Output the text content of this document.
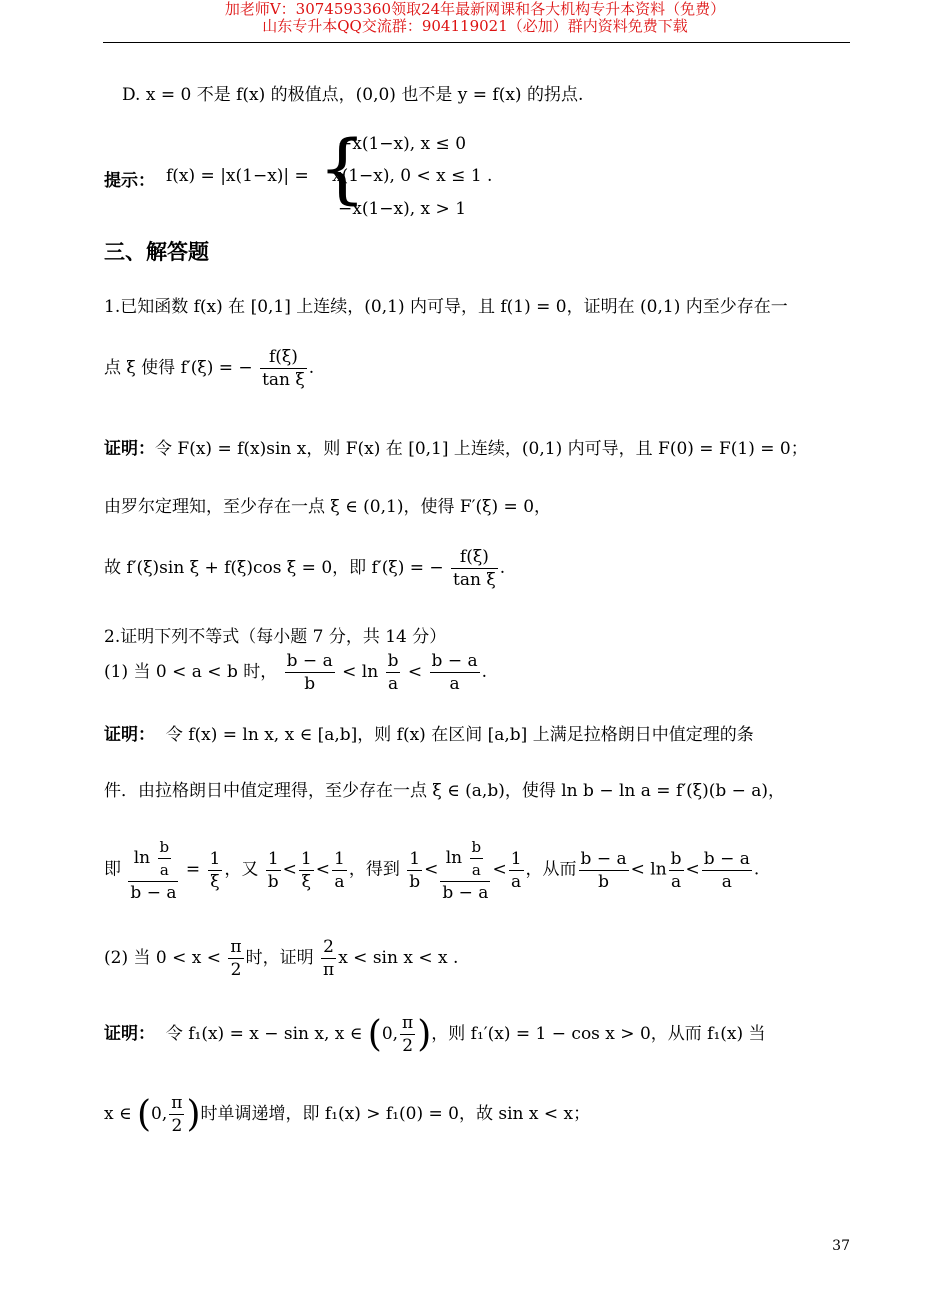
加老师V：3074593360领取24年最新网课和各大机构专升本资料（免费）
山东专升本QQ交流群：904119021（必加）群内资料免费下载
D. x = 0 不是 f(x) 的极值点，(0,0) 也不是 y = f(x) 的拐点.
提示： f(x) = |x(1−x)| = {
−x(1−x), x ≤ 0
x(1−x), 0 < x ≤ 1 .
−x(1−x), x > 1
三、解答题
1.已知函数 f(x) 在 [0,1] 上连续，(0,1) 内可导，且 f(1) = 0，证明在 (0,1) 内至少存在一
点 ξ 使得 f′(ξ) = − $\frac{f(\xi)}{\text{tan ξ}}$ .
证明：令 F(x) = f(x)sin x，则 F(x) 在 [0,1] 上连续，(0,1) 内可导，且 F(0) = F(1) = 0；
由罗尔定理知，至少存在一点 ξ ∈ (0,1)，使得 F′(ξ) = 0，
故 f′(ξ)sin ξ + f(ξ)cos ξ = 0，即 f′(ξ) = − $\frac{f(\xi)}{\text{tan ξ}}$ .
2.证明下列不等式（每小题 7 分，共 14 分）
(1) 当 0 < a < b 时， $\frac{b - a}{b} < \ln \frac{b}{a} < \frac{b - a}{a}$ .
证明： 令 f(x) = ln x, x ∈ [a,b]，则 f(x) 在区间 [a,b] 上满足拉格朗日中值定理的条
件．由拉格朗日中值定理得，至少存在一点 ξ ∈ (a,b)，使得 ln b − ln a = f′(ξ)(b − a)，
即 $\frac{\ln \frac{b}{a}}{b - a} = \frac{1}{\xi}$ ，又 $\frac{1}{b} < \frac{1}{\xi} < \frac{1}{a}$ ，得到 $\frac{1}{b} < \frac{\ln \frac{b}{a}}{b - a} < \frac{1}{a}$ ，从而 $\frac{b - a}{b} < \ln \frac{b}{a} < \frac{b - a}{a}$ .
(2) 当 $0 < x < \frac{\pi}{2}$ 时，证明 $\frac{2}{\pi}$ x < sin x < x .
证明： 令 f₁(x) = x − sin x, x ∈ (0, $\frac{\pi}{2}$ )，则 f₁′(x) = 1 − cos x > 0，从而 f₁(x) 当
x ∈ (0, $\frac{\pi}{2}$ )时单调递增，即 f₁(x) > f₁(0) = 0，故 sin x < x；
37
